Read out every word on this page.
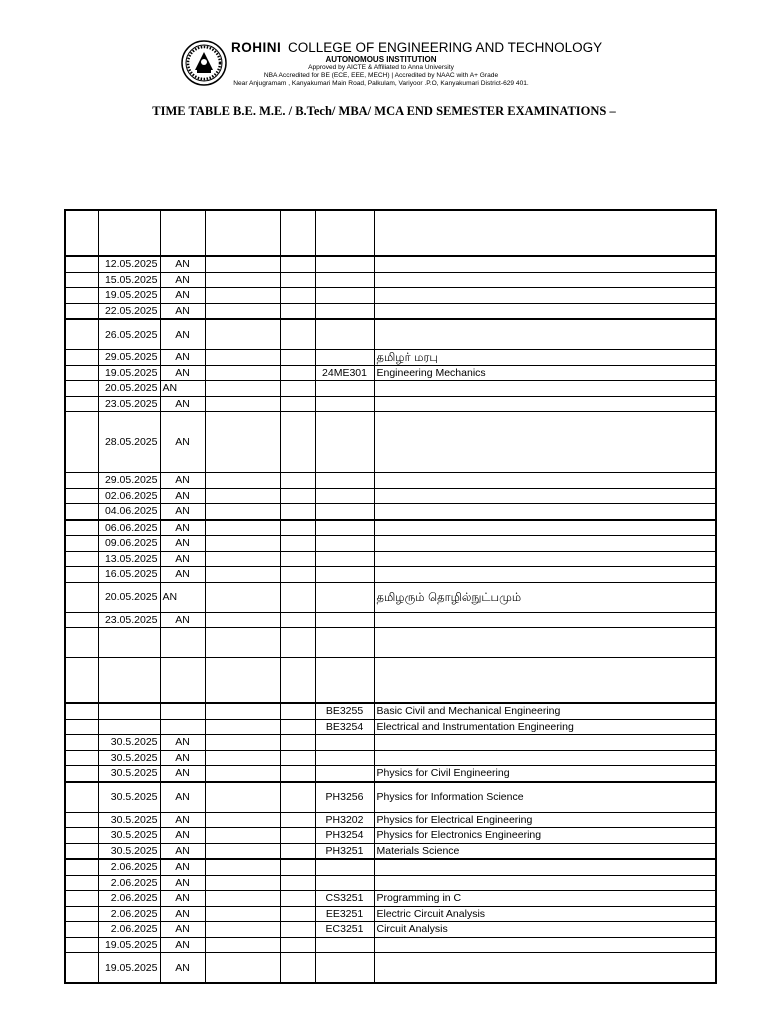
ROHINI COLLEGE OF ENGINEERING AND TECHNOLOGY
AUTONOMOUS INSTITUTION
Approved by AICTE & Affiliated to Anna University
NBA Accredited for BE (ECE, EEE, MECH) | Accredited by NAAC with A+ Grade
Near Anjugramam , Kanyakumari Main Road, Palkulam, Variyoor .P.O, Kanyakumari District-629 401.
TIME TABLE B.E. M.E. / B.Tech/ MBA/ MCA END SEMESTER EXAMINATIONS –

	12.05.2025	AN				
	15.05.2025	AN				
	19.05.2025	AN				
	22.05.2025	AN				
	26.05.2025	AN				
	29.05.2025	AN				தமிழர் மரபு
	19.05.2025	AN			24ME301	Engineering Mechanics
	20.05.2025	AN				
	23.05.2025	AN				
	28.05.2025	AN				
	29.05.2025	AN				
	02.06.2025	AN				
	04.06.2025	AN				
	06.06.2025	AN				
	09.06.2025	AN				
	13.05.2025	AN				
	16.05.2025	AN				
	20.05.2025	AN				தமிழரும் தொழில்நுட்பமும்
	23.05.2025	AN				

					BE3255	Basic Civil and Mechanical Engineering
					BE3254	Electrical and Instrumentation Engineering
	30.5.2025	AN				
	30.5.2025	AN				
	30.5.2025	AN				Physics for Civil Engineering
	30.5.2025	AN			PH3256	Physics for Information Science
	30.5.2025	AN			PH3202	Physics for Electrical Engineering
	30.5.2025	AN			PH3254	Physics for Electronics Engineering
	30.5.2025	AN			PH3251	Materials Science
	2.06.2025	AN				
	2.06.2025	AN				
	2.06.2025	AN			CS3251	Programming in C
	2.06.2025	AN			EE3251	Electric Circuit Analysis
	2.06.2025	AN			EC3251	Circuit Analysis
	19.05.2025	AN				
	19.05.2025	AN				
